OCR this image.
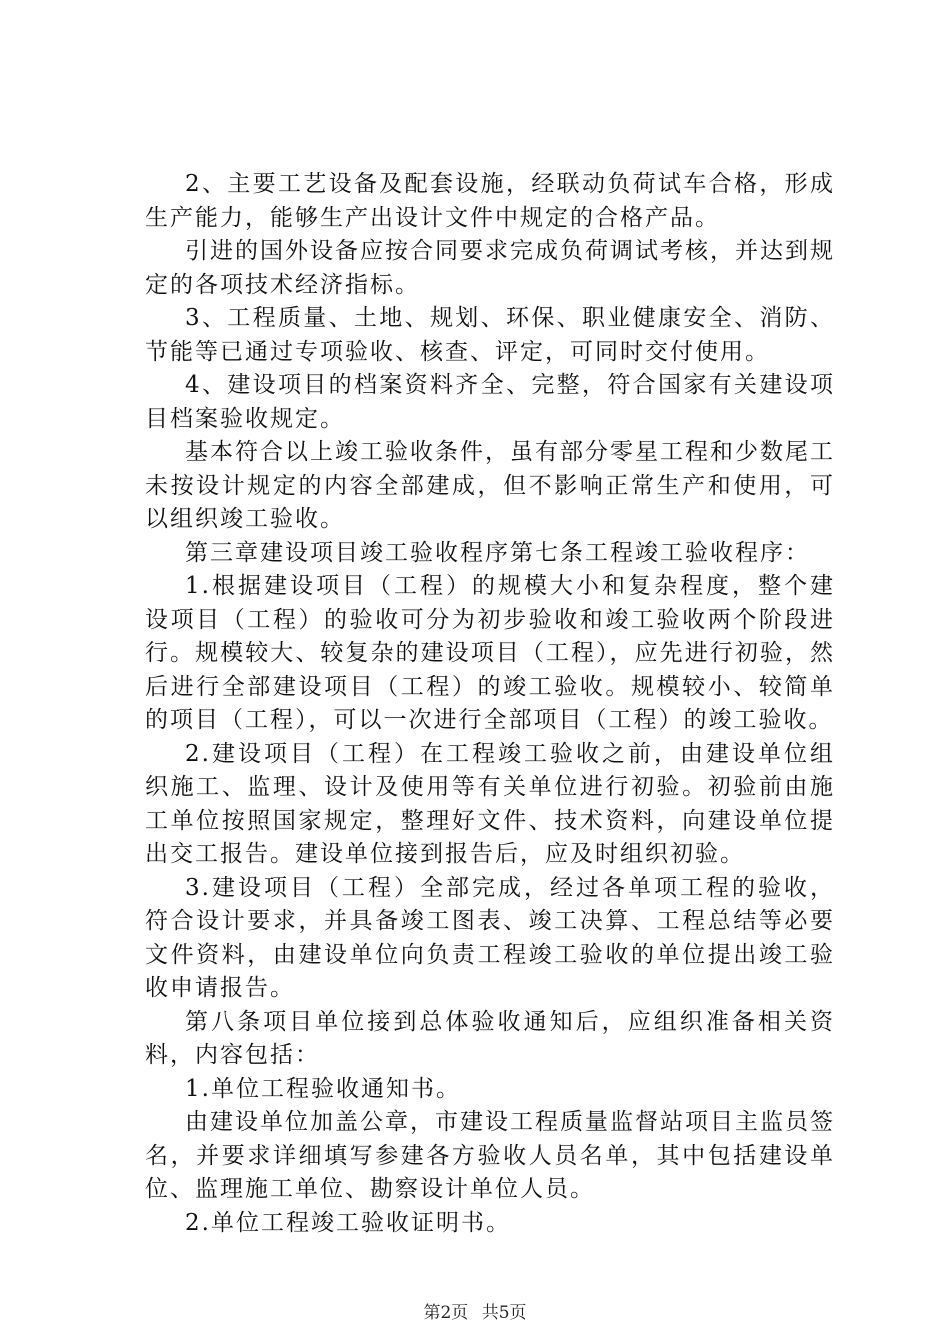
2、主要工艺设备及配套设施，经联动负荷试车合格，形成生产能力，能够生产出设计文件中规定的合格产品。

引进的国外设备应按合同要求完成负荷调试考核，并达到规定的各项技术经济指标。

3、工程质量、土地、规划、环保、职业健康安全、消防、节能等已通过专项验收、核查、评定，可同时交付使用。

4、建设项目的档案资料齐全、完整，符合国家有关建设项目档案验收规定。

基本符合以上竣工验收条件，虽有部分零星工程和少数尾工未按设计规定的内容全部建成，但不影响正常生产和使用，可以组织竣工验收。

第三章建设项目竣工验收程序第七条工程竣工验收程序：

1.根据建设项目（工程）的规模大小和复杂程度，整个建设项目（工程）的验收可分为初步验收和竣工验收两个阶段进行。规模较大、较复杂的建设项目（工程），应先进行初验，然后进行全部建设项目（工程）的竣工验收。规模较小、较简单的项目（工程），可以一次进行全部项目（工程）的竣工验收。

2.建设项目（工程）在工程竣工验收之前，由建设单位组织施工、监理、设计及使用等有关单位进行初验。初验前由施工单位按照国家规定，整理好文件、技术资料，向建设单位提出交工报告。建设单位接到报告后，应及时组织初验。

3.建设项目（工程）全部完成，经过各单项工程的验收，符合设计要求，并具备竣工图表、竣工决算、工程总结等必要文件资料，由建设单位向负责工程竣工验收的单位提出竣工验收申请报告。

第八条项目单位接到总体验收通知后，应组织准备相关资料，内容包括：

1.单位工程验收通知书。

由建设单位加盖公章，市建设工程质量监督站项目主监员签名，并要求详细填写参建各方验收人员名单，其中包括建设单位、监理施工单位、勘察设计单位人员。

2.单位工程竣工验收证明书。

第2页 共5页
